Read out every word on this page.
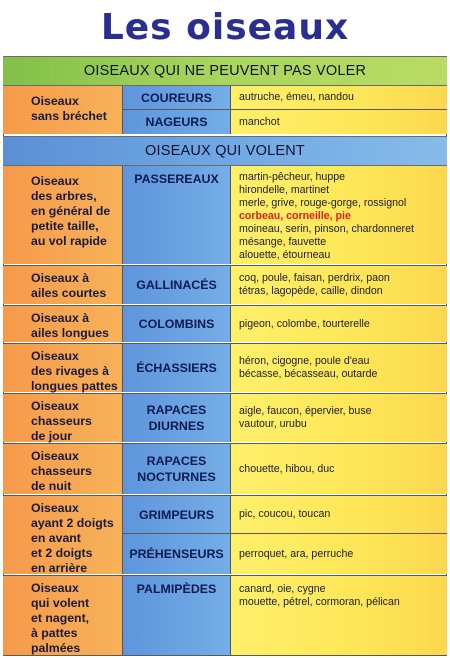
Les oiseaux
OISEAUX QUI NE PEUVENT PAS VOLER
Oiseaux
sans bréchet
COUREURS	autruche, émeu, nandou
NAGEURS	manchot
OISEAUX QUI VOLENT
Oiseaux
des arbres,
en général de
petite taille,
au vol rapide
PASSEREAUX martin-pêcheur, huppe
hirondelle, martinet
merle, grive, rouge-gorge, rossignol
corbeau, corneille, pie
moineau, serin, pinson, chardonneret
mésange, fauvette
alouette, étourneau
Oiseaux à
ailes courtes
GALLINACÉS coq, poule, faisan, perdrix, paon
tétras, lagopède, caille, dindon
Oiseaux à
ailes longues
COLOMBINS pigeon, colombe, tourterelle
Oiseaux
des rivages à
longues pattes
ÉCHASSIERS héron, cigogne, poule d'eau
bécasse, bécasseau, outarde
Oiseaux
chasseurs
de jour
RAPACES
DIURNES
aigle, faucon, épervier, buse
vautour, urubu
Oiseaux
chasseurs
de nuit
RAPACES
NOCTURNES
chouette, hibou, duc
Oiseaux
ayant 2 doigts
en avant
et 2 doigts
en arrière
GRIMPEURS pic, coucou, toucan
PRÉHENSEURS perroquet, ara, perruche
Oiseaux
qui volent
et nagent,
à pattes
palmées
PALMIPÈDES canard, oie, cygne
mouette, pétrel, cormoran, pélican
